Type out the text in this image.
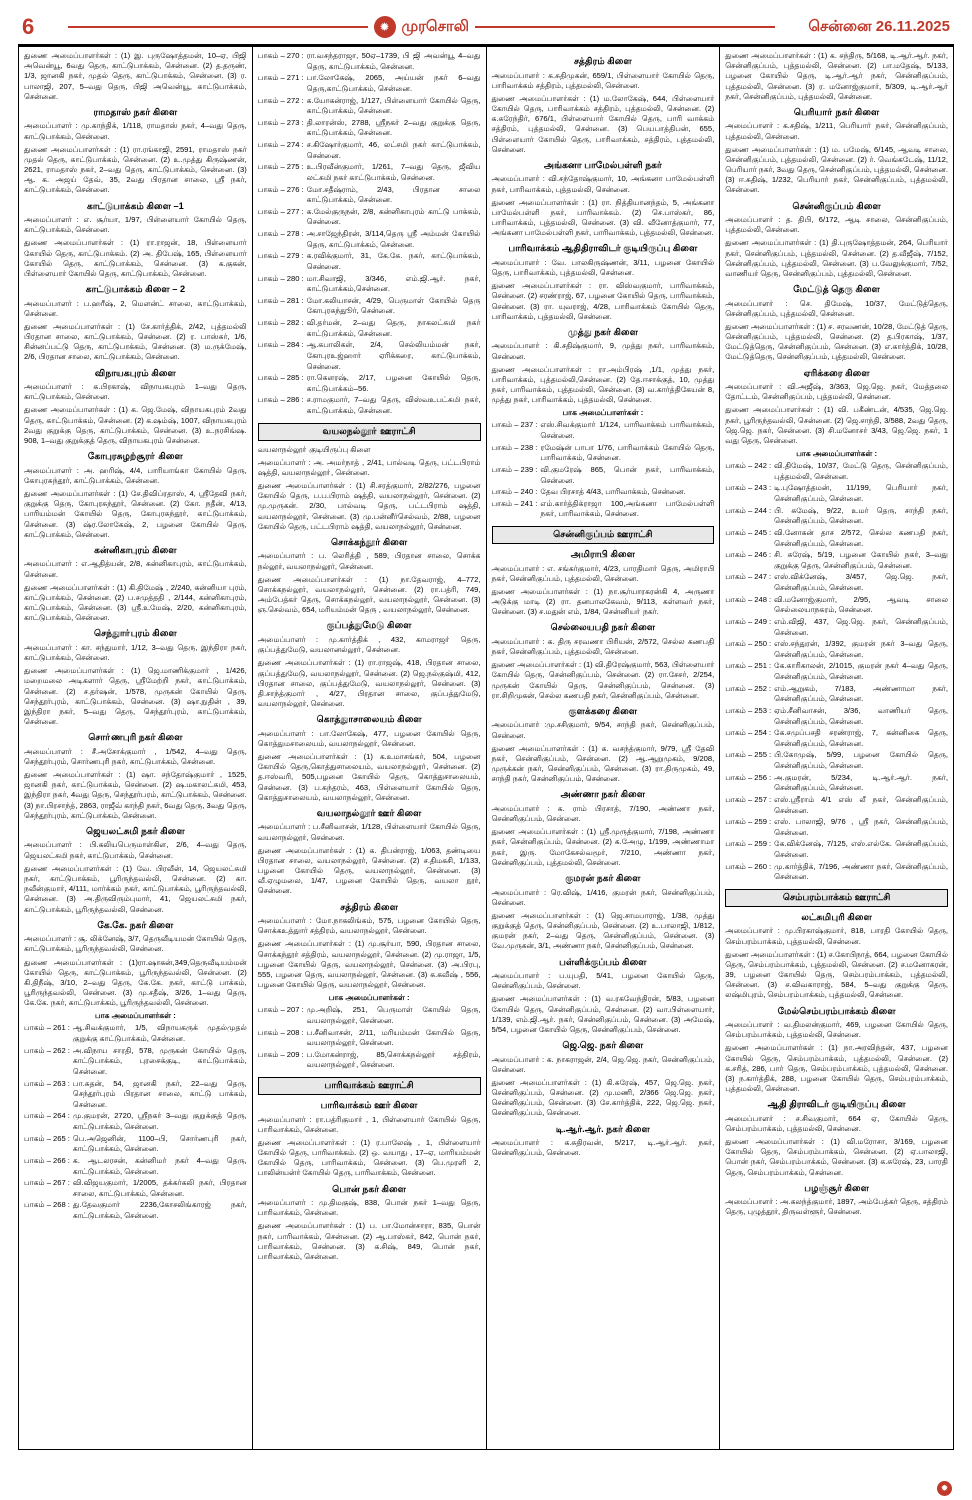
6	✹ முரசொலி	சென்னை 26.11.2025
துணை அமைப்பாளர்கள் : (1) இ. புருஷோத்தமன், 10–ஏ, பிஜி அவென்யூ, 6வது தெரு, காட்டுபாக்கம், சென்னை. (2) த.தருண், 1/3, ஜானகி நகர், முதல் தெரு, காட்டுபாக்கம், சென்னை. (3) ர. பாலாஜி, 207, 5–வது தெரு, பிஜி அவென்யூ, காட்டுபாக்கம், சென்னை.
ராமதாஸ் நகர் கிளை
அமைப்பாளர் : மு.காந்திக், 1/118, ராமதாஸ் நகர், 4–வது தெரு, காட்டுபாக்கம், சென்னை.
துணை அமைப்பாளர்கள் : (1) ரா.ரங்காஜி, 2591, ராமதாஸ் நகர் முதல் தெரு, காட்டுபாக்கம், சென்னை. (2) உ.முத்து கிருஷ்ணன், 2621, ராமதாஸ் நகர், 2–வது தெரு, காட்டுபாக்கம், சென்னை. (3) ஆ. க. அஜய் தேவ், 35, 2வது பிரதான சாலை, ஸ்ரீ நகர், காட்டுபாக்கம், சென்னை.
காட்டுபாக்கம் கிளை –1
அமைப்பாளர் : எ. சூர்யா, 1/97, பிள்ளையார் கோயில் தெரு, காட்டுபாக்கம், சென்னை.
துணை அமைப்பாளர்கள் : (1) ரா.ராஜன், 18, பிள்ளையார் கோயில் தெரு, காட்டுபாக்கம். (2) அ. திபேஷ், 165, பிள்ளையார் கோயில் தெரு, காட்டுபாக்கம், சென்னை. (3) க.குகன், பிள்ளையார் கோயில் தெரு, காட்டுபாக்கம், சென்னை.
காட்டுபாக்கம் கிளை – 2
அமைப்பாளர் : ப.ஹரீஷ், 2, மௌன்ட் சாலை, காட்டுபாக்கம், சென்னை.
துணை அமைப்பாளர்கள் : (1) சே.கார்த்திக், 2/42, புத்தமல்லி பிரதான சாலை, காட்டுபாக்கம், சென்னை. (2) ர. பாஸ்கர், 1/6, சின்னப்பட்டு தெரு, காட்டுபாக்கம், சென்னை. (3) ம.ருக்மேஷ், 2/6, பிரதான சாலை, காட்டுபாக்கம், சென்னை.
விநாயகபுரம் கிளை
அமைப்பாளர் : க.பிரகாஷ், விநாயகபுரம் 1–வது தெரு, காட்டுபாக்கம், சென்னை.
துணை அமைப்பாளர்கள் : (1) க. ஜெ.மேஷ், விநாயகபுரம் 2வது தெரு, காட்டுபாக்கம், சென்னை. (2) க.ஷம்ஷ், 1007, விநாயகபுரம் 2வது குறுக்கு தெரு, காட்டுபாக்கம், சென்னை. (3) உ.நரசிங்ஷ. 908, 1–வது குறுக்குத் தெரு, விநாயகபுரம் சென்னை.
கோபுரசுழற்சூரா் கிளை
அமைப்பாளர் : அ. ஹரிஷ், 4/4, பாரியாங்கா கோயில் தெரு, கோபுரசுந்தூர், காட்டுபாக்கம், சென்னை.
துணை அமைப்பாளர்கள் : (1) சே.திவிப்ரதாஸ், 4, ஸ்ரீதேவி நகர், குறுக்கு தெரு, கோபுரசுந்தூர், சென்னை. (2) கோ. நதீன், 4/13, பாரியம்மன் கோயில் தெரு, கோபுரசுந்தூர், காட்டுபாக்கம், சென்னை. (3) ஷ்ர.லோகேஷ், 2, பழனை கோயில் தெரு, காட்டுபாக்கம், சென்னை.
கன்னிகாபுரம் கிளை
அமைப்பாளர் : எ.ஆதித்யன், 2/8, கன்னிகாபுரம், காட்டுபாக்கம், சென்னை.
துணை அமைப்பாளர்கள் : (1) கி.திமேஷ் , 2/240, கன்னியா புரம், காட்டுபாக்கம், சென்னை. (2) ப.சமுத்ததி , 2/144, கன்னிகாபுரம், காட்டுபாக்கம், சென்னை. (3) ஸ்ரீ.உமேஷ், 2/20, கன்னிகாபுரம், காட்டுபாக்கம், சென்னை.
செந்துாா்புரம் கிளை
அமைப்பாளர் : கா. சந்துமார், 1/12, 3–வது தெரு, இந்திரா நகர், காட்டுபாக்கம், சென்னை.
துணை அமைப்பாளர்கள் : (1) ஜெ.மாணிக்குமார் , 1/426, மறைமலை அடிகளார் தெரு, ஸ்ரீமேற்றி நகர், காட்டுபாக்கம், சென்னை. (2) ச.தர்ஷன், 1/578, முருகன் கோயில் தெரு, செந்தூர்புரம், காட்டுபாக்கம், சென்னை. (3) ஷா.நுதின் , 39, இந்திரா நகர், 5–வது தெரு, செந்தூர்புரம், காட்டுபாக்கம், சென்னை.
சொா்ணபுரி நகர் கிளை
அமைப்பாளர் : சீ.அசோக்குமார் , 1/542, 4–வது தெரு, செந்தூர்புரம், சொர்ணபுரி நகர், காட்டுபாக்கம், சென்னை.
துணை அமைப்பாளர்கள் : (1) ஷா. சந்தோஷ்குமார் , 1525, ஜானகி நகர், காட்டுபாக்கம், சென்னை. (2) ஷ.மகாலட்சுமி, 453, இந்திரா நகர், 4வது தெரு, செந்தூர்பரம், காட்டுபாக்கம், சென்னை. (3) நா.பிரசாந்த், 2863, ராஜீவ் காந்தி நகர், 6வது தெரு, 3வது தெரு, செந்தூர்புரம், காட்டுபாக்கம், சென்னை.
ஜெயலட்சுமி நகர் கிளை
அமைப்பாளர் : பி.கலியபெருமாள்கிள, 2/6, 4–வது தெரு, ஜெயலட்சுமி நகர், காட்டுபாக்கம், சென்னை.
துணை அமைப்பாளர்கள் : (1) வே. பிரவீன், 14, ஜெயலட்சுமி நகர், காட்டுபாக்கம், பூரிருந்தவல்லி, சென்னை. (2) கா. நவீன்குமார், 4/111, மார்க்கம் நகர், காட்டுபாக்கம், பூரிருந்தவல்லி, சென்னை. (3) அ.திருவிரும்புமார், 41, ஜெயலட்சுமி நகர், காட்டுபாக்கம், பூரிருந்தவல்லி, சென்னை.
கே.கே. நகர் கிளை
அமைப்பாளர் : சூ. லிக்னேஷ், 3/7, தெருவீடியமன் கோயில் தெரு, காட்டுபாக்கம், பூரிருந்தவல்லி, சென்னை.
துணை அமைப்பாளர்கள் : (1)ரா.ஷாகன்,349,தெருவீடியம்மன் கோயில் தெரு, காட்டுபாக்கம், பூரிருந்தவல்லி, சென்னை. (2) கி.திநீஷ், 3/10, 2–வது தெரு, கே.கே. நகர், காட்டு பாக்கம், பூரிருந்தவல்லி, சென்னை. (3) மு.சதீஷ், 3/26, 1–வது தெரு, கே.கே. நகர், காட்டுபாக்கம், பூரிருந்தவல்லி, சென்னை.
பாக அமைப்பாளர்கள் :
பாகம் – 261 : ஆ.சிவக்குமார், 1/5, விநாயகருக் முதல்முதல் குறுக்கு காட்டுபாக்கம், சென்னை.
பாகம் – 262 : அ.விநாய சாரதி, 578, முருகன் கோயில் தெரு, காட்டுபாக்கம், புரசைக்குடி, காட்டுபாக்கம், சென்னை.
பாகம் – 263 : பா.சுதன், 54, ஜானகி நகர், 22–வது தெரு, செந்தூர்புரம் பிரதான சாலை, காட்டு பாக்கம், சென்னை.
பாகம் – 264 : மு.குமரன், 2720, ஸ்ரீநகர் 3–வது குறுக்குத் தெரு, காட்டுபாக்கம், சென்னை.
பாகம் – 265 : பெ.அஜெனின், 1100–பி, சொர்ணபுரி நகர், காட்டுபாக்கம், சென்னை.
பாகம் – 266 : க. ஆடலரசன், கன்னிமா் நகர் 4–வது தெரு, காட்டுபாக்கம், சென்னை.
பாகம் – 267 : வி.விஜயகுமார், 1/2005, தக்கர்கலி நகர், பிரதான சாலை, காட்டுபாக்கம், சென்னை.
பாகம் – 268 : து.தேவகுமார் 2236,கோசலிங்காரஜ் நகர், காட்டுபாக்கம், சென்னை.
பாகம் – 270 : ரா.வசந்தராஜா, 50ஏ–1739, பி ஜி அவன்யூ 4–வது தெரு, காட்டுபாக்கம், சென்னை.
பாகம் – 271 : பா.லோகேஷ், 2065, அய்யன் நகர் 6–வது தெரு,காட்டுபாக்கம், சென்னை.
பாகம் – 272 : க.யோகன்ராஜ், 1/127, பிள்ளையார் கோயில் தெரு, காட்டுபாக்கம், சென்னை.
பாகம் – 273 : தி.லாரன்ஸ், 2788, ஸ்ரீநகர் 2–வது குறுக்கு தெரு, காட்டுபாக்கம், சென்னை.
பாகம் – 274 : ச.கிஷோர்குமார், 46, லட்சமி நகர் காட்டுபாக்கம், சென்னை.
பாகம் – 275 : உ.பிரவீன்குமார், 1/261, 7–வது தெரு, ஜீவிய லட்சுமி நகர் காட்டுபாக்கம், சென்னை.
பாகம் – 276 : மோ.சதீஷ்ராம், 2/43, பிரதான சாலை காட்டுபாக்கம், சென்னை.
பாகம் – 277 : க.மேல்குருநன், 2/8, கன்னிகாபுரம் காட்டு பாக்கம், சென்னை.
பாகம் – 278 : அ.சாஜேந்திரன், 3/114,தெரு ஸ்ரீ அம்மன் கோயில் தெரு, காட்டுபாக்கம், சென்னை.
பாகம் – 279 : க.ரவிக்குமார், 31, கே.கே. நகர், காட்டுபாக்கம், சென்னை.
பாகம் – 280 : மா.சிவாஜி, 3/346, எம்.ஜி.ஆர். நகர், காட்டுபாக்கம்,சென்னை.
பாகம் – 281 : மோ.கலியாசன், 4/29, பெருமாள் கோயில் தெரு கோபுரசுந்துூர், சென்னை.
பாகம் – 282 : வி.தர்மன், 2–வது தெரு, நாகலட்சுமி நகர் காட்டுபாக்கம், சென்னை.
பாகம் – 284 : ஆ.கபாலிகள், 2/4, செல்லியம்மன் நகர், கோபுரஉஜ்ஹார் ஏரிக்கரை, காட்டுபாக்கம், சென்னை.
பாகம் – 285 : ரா.கௌரஷ், 2/17, பழனை கோயில் தெரு, காட்டுபாக்கம்–56.
பாகம் – 286 : ச.ராமகுமார், 7–வது தெரு, விஸ்வஉபட்சுமி நகர், காட்டுபாக்கம், சென்னை.
வயலநல்லூா் ஊராட்சி
வயலாநல்லூா் குடியிருப்பு கிளை
அமைப்பாளர் : அ. அமர்நாத் , 2/41, பால்வடி தெரு, பட்டபிராம் ஷத்தி, வயலாநல்லூா், சென்னை.
துணை அமைப்பாளர்கள் : (1) சி.சரத்குமார், 2/82/276, பழனை கோயில் தெரு, ப.ப.பிராம் ஷத்தி, வயலாநல்லூர், சென்னை. (2) மு.முருகன். 2/30, பால்வடி தெரு, பட்டபிராம் ஷத்தி, வயலாநல்லூர், சென்னை. (3) மு.பன்னீர்செல்வம், 2/88, பழனை கோயில் தெரு, பட்டபிராம் ஷத்தி, வயலாநல்லூர், சென்னை.
சொக்கந்தூர் கிளை
அமைப்பாளர் : ப. லெரித்தி , 589, பிரதான சாலை, சொக்க நல்லூர், வயலாநல்லூர், சென்னை.
துணை அமைப்பாளர்கள் : (1) நா.தேவராஜ், 4–772, சொக்கநல்லூர், வயலாநல்லூர், சென்னை. (2) ரா.பத்ரி, 749, அம்பேத்கர் தெரு, சொக்கநல்லூர், வயலாநல்லூர், சென்னை. (3) ஞ.செல்வம், 654, மரியம்மன் தெரு , வயலாநல்லூர், சென்னை.
குப்பத்துமேடு கிளை
அமைப்பாளர் : மு.கார்த்திக் , 432, காமராஜா் தெரு, குப்பத்துமேடு, வயலானல்லூா், சென்னை.
துணை அமைப்பாளர்கள் : (1) ரா.ராஜஷ், 418, பிரதான சாலை, குப்பத்துமேடு, வயலாநல்லூர், சென்னை. (2) ஜெ.நல்குஷ்மி, 412, பிரதான சாலை, குப்பத்துமேடு, வயலாநல்லூர், சென்னை. (3) தி.சாந்த்குமார் , 4/27, பிரதான சாலை, குப்பத்துமேடு, வயலாநல்லூர், சென்னை.
கொத்துாசாலையம் கிளை
அமைப்பாளர் : பா.லோகேஷ், 477, பழனை கோயில் தெரு, கொத்துமசாலையம், வயலாநல்லூர், சென்னை.
துணை அமைப்பாளர்கள் : (1) க.உமாசங்கர், 504, பழனை கோயில் தெரு,கொத்துசாலையம், வயலாநல்லூா், சென்னை. (2) த.ஈஸ்வரி, 505,பழனை கோயில் தெரு, கொத்துசாலையம், சென்னை. (3) ப.சுந்தரம், 463, பிள்ளையார் கோயில் தெரு, கொத்துசாலையம், வயலாநல்லூர், சென்னை.
வயலாநல்லூர் ஊர் கிளை
அமைப்பாளர் : ப.சீனிவாசன், 1/128, பிள்ளையார் கோயில் தெரு, வயலாநல்லூர், சென்னை.
துணை அமைப்பாளர்கள் : (1) க. திபன்ராஜ், 1/063, தண்டியை பிரதான சாலை, வயலாநல்லூர், சென்னை. (2) ச.திமகசி, 1/133, பழனை கோயில் தெரு, வயலாநல்லூர், சென்னை. (3) வீ.ஏழுமலை, 1/47, பழனை கோயில் தெரு, வயலா நூர், சென்னை.
சத்திரம் கிளை
அமைப்பாளர் : மோ.நாகலிங்கம், 575, பழனை கோயில் தெரு, சொக்கஉத்துார் சத்திரம், வயலாநல்லூர், சென்னை.
துணை அமைப்பாளர்கள் : (1) மு.சூர்யா, 590, பிரதான சாலை, சொக்கந்தூர் சத்திரம், வயலாநல்லூர், சென்னை. (2) மு.ராஜா, 1/5, பழனை கோயில் தெரு, வயலாநல்லூர், சென்னை. (3) அ.பிரபு, 555, பழனை தெரு, வயலாநல்லூர், சென்னை. (3) க.கவீஷ் , 556, பழனை கோயில் தெரு, வயலாநல்லூர், சென்னை.
பாக அமைப்பாளர்கள் :
பாகம் – 207 : மு.அறிஷ், 251, பெருமாள் கோயில் தெரு, வயலாநல்லூர், சென்னை.
பாகம் – 208 : ப.சீனிவாசன், 2/11, மரியம்மன் கோயில் தெரு, வயலாநல்லூர், சென்னை.
பாகம் – 209 : ப.மோகன்ராஜ், 85,சொக்கநல்லூர் சத்திரம், வயலாநல்லூா், சென்னை.
பாரிவாக்கம் ஊராட்சி
பாரிவாக்கம் ஊர் கிளை
அமைப்பாளர் : ரா.பத்ரிகுமார் , 1, பிள்ளையார் கோயில் தெரு, பாரிவாக்கம், சென்னை.
துணை அமைப்பாளர்கள் : (1) ர.பாலேஷ் , 1, பிள்ளையார் கோயில் தெரு, பாரிவாக்கம். (2) ஒ. வயாது , 17–ஏ, மாரியம்மன் கோயில் தெரு, பாரிவாக்கம், சென்னை. (3) பெ.முரளி 2, பாலின்யன்ர் கோயில் தெரு, பாரிவாக்கம், சென்னை.
பொன் நகர் கிளை
அமைப்பாளர் : மு.திமகுஷ், 838, பொன் நகர் 1–வது தெரு, பாரிவாக்கம், சென்னை.
துணை அமைப்பாளர்கள் : (1) ப. பா.மோன்சாரா, 835, பொன் நகர், பாரிவாக்கம், சென்னை. (2) ஆ.பாஸ்கர், 842, பொன் நகர், பாரிவாக்கம், சென்னை. (3) க.சிஷ், 849, பொன் நகர், பாரிவாக்கம், சென்னை.
சத்திரம் கிளை
அமைப்பாளர் : க.சுதிமுகன், 659/1, பிள்ளையார் கோயில் தெரு, பாரிவாக்கம் சத்திரம், புத்தமல்லி, சென்னை.
துணை அமைப்பாளர்கள் : (1) ம.லோகேஷ், 644, பிள்ளையார் கோயில் தெரு, பாரிவாக்கம் சத்திரம், புத்தமல்லி, சென்னை. (2) க.சுரேந்திர், 676/1, பிள்ளையார் கோயில் தெரு, பாரி வாக்கம் சத்திரம், புத்தமல்லி, சென்னை. (3) பெயபாத்திபன், 655, பிள்ளையார் கோயில் தெரு, பாரிவாக்கம், சத்திரம், புத்தமல்லி, சென்னை.
அங்கனா பாமேல்பள்ளி நகர்
அமைப்பாளர் : வி.சந்தோஷ்குமார், 10, அங்கனா பாமேல்பள்ளி நகர், பாரிவாக்கம், புத்தமல்லி, சென்னை.
துணை அமைப்பாளர்கள் : (1) ரா. நித்தியானந்தம், 5, அங்கனா பாமேல்பள்ளி நகர், பாரிவாக்கம். (2) செ.பாஸ்கர், 86, பாரிவாக்கம், புத்தமல்லி, சென்னை. (3) வி. வீனோத்குமார், 77, அங்கனா பாமேல்பள்ளி நகர், பாரிவாக்கம், புத்தமல்லி, சென்னை.
பாரிவாக்கம் ஆதிதிராவிடர் குடியிருப்பு கிளை
அமைப்பாளர் : வே. பாலகிருஷ்ணன், 3/11, பழனை கோயில் தெரு, பாரிவாக்கம், புத்தமல்லி, சென்னை.
துணை அமைப்பாளர்கள் : ரா. விஸ்வகுமார், பாரிவாக்கம், சென்னை. (2) சரண்ராஜ், 67, பழனை கோயில் தெரு, பாரிவாக்கம், சென்னை. (3) ரா. யுவராஜ், 4/28, பாரிவாக்கம் கோயில் தெரு, பாரிவாக்கம், புத்தமல்லி, சென்னை.
முத்து நகர் கிளை
அமைப்பாளர் : கி.சதிஷ்குமார், 9, முத்து நகர், பாரிவாக்கம், சென்னை.
துணை அமைப்பாளர்கள் : ரா.அம்பிரஷ் ,1/1, முத்து நகர், பாரிவாக்கம், புத்தமல்லி,சென்னை. (2) தே.ஈசாக்குத், 10, முத்து நகர், பாரிவாக்கம், புத்தமல்லி, சென்னை. (3) வ.கார்த்திகேயன் 8, முத்து நகர், பாரிவாக்கம், புத்தமல்லி, சென்னை.
பாக அமைப்பாளர்கள் :
பாகம் – 237 : எஸ்.சிவக்குமார் 1/124, பாரிவாக்கம் பாரிவாக்கம், சென்னை.
பாகம் – 238 : ரமேஷ்ன் பாபா 1/76, பாரிவாக்கம் கோயில் தெரு, பாரிவாக்கம், சென்னை.
பாகம் – 239 : வி.குமரேஷ் 865, பொன் நகர், பாரிவாக்கம், சென்னை.
பாகம் – 240 : தேவ பிரசாத் 4/43, பாரிவாக்கம், சென்னை.
பாகம் – 241 : எம்.கார்த்திக்ராஜா 100,அங்கனா பாமேல்பள்ளி நகர், பாரிவாக்கம், சென்னை.
சென்னிகுப்பம் ஊராட்சி
அமிராபி கிளை
அமைப்பாளர் : எ. சங்கர்குமார், 4/23, பாரதிமாா் தெரு, அமிராபி நகர், சென்னிகுப்பம், புத்தமல்லி, சென்னை.
துணை அமைப்பாளர்கள் : (1) நா.சூர்யாரகரன்கி 4, அருணா அடுக்கு மாடி (2) ரா. தனபாலகேவம், 9/113, கள்ளவர் நகர், சென்னை. (3) ச.மதுன் எம், 1/84, சென்னியா் நகர்.
செல்லையபதி நகர் கிளை
அமைப்பாளர் : க. திரு சரவணா பிரியன், 2/572, செல்ல கணபதி நகர், சென்னிகுப்பம், புத்தமல்லி, சென்னை.
துணை அமைப்பாளர்கள் : (1) வி.திரேஷ்குமார், 563, பிள்ளையார் கோயில் தெரு, சென்னிகுப்பம், சென்னை. (2) ரா.சேசர், 2/254, முருகன் கோயில் தெரு, சென்னிகுப்பம், சென்னை. (3) ரா.சிறிமுகன், செல்ல கணபதி நகர், சென்னிகுப்பம், சென்னை.
குளக்கரை கிளை
அமைப்பாளர் :மு.சசிகுமார், 9/54, சாந்தி நகர், சென்னிகுப்பம், சென்னை.
துணை அமைப்பாளர்கள் : (1) க. வசந்த்குமார், 9/79, ஸ்ரீ தேவி நகர், சென்னிகுப்பம், சென்னை. (2) ஆ.ஆறுமுகம், 9/208, முருக்கன் நகர், சென்னிகுப்பம், சென்னை. (3) ரா.திருமுகம், 49, சாந்தி நகர், சென்னிகுப்பம், சென்னை.
அண்ணா நகர் கிளை
அமைப்பாளர் : க. ராம் பிரசாத், 7/190, அண்ணா நகர், சென்னிகுப்பம், சென்னை.
துணை அமைப்பாளர்கள் : (1) ஸ்ரீ.முருத்குமார், 7/198, அண்ணா நகர், சென்னிகுப்பம், சென்னை. (2) க.அேழு, 1/199, அண்ணாமா நகர், இரு. மோகேசல்வமூர், 7/210, அண்ணா நகர், சென்னிகுப்பம், புத்தமல்லி, சென்னை.
குமரன் நகர் கிளை
அமைப்பாளர் : ரெ.விஷ், 1/416, குமரன் நகர், சென்னிகுப்பம், சென்னை.
துணை அமைப்பாளர்கள் : (1) ஜெ.சாமபாராஜ், 1/38, முத்து குறுக்குத் தெரு, சென்னிகுப்பம், சென்னை. (2) உ.பாலாஜி, 1/812, குமரன் நகர், 2–வது தெரு, சென்னிகுப்பம், சென்னை. (3) வே.முருகன், 3/1, அண்ணா நகர், சென்னிகுப்பம், சென்னை.
பள்ளிக்குப்பம் கிளை
அமைப்பாளர் : ப.யுபதி, 5/41, பழனை கோயில் தெரு, சென்னிகுப்பம், சென்னை.
துணை அமைப்பாளர்கள் : (1) வ.ரகவேந்திரன், 5/83, பழனை கோயில் தெரு, சென்னிகுப்பம், சென்னை. (2) வா.பிள்ளையார், 1/139, எம்.ஜி.ஆர். நகர், சென்னிகுப்பம், சென்னை. (3) அமேஷ், 5/54, பழனை கோயில் தெரு, சென்னிகுப்பம், சென்னை.
ஜெ.ஜெ. நகர் கிளை
அமைப்பாளர் : க. நாகராஜன், 2/4, ஜெ.ஜெ. நகர், சென்னிகுப்பம், சென்னை.
துணை அமைப்பாளர்கள் : (1) கி.சுரேஷ், 457, ஜெ.ஜெ. நகர், சென்னிகுப்பம், சென்னை. (2) மு.மணி, 2/366 ஜெ.ஜெ. நகர், சென்னிகுப்பம், சென்னை. (3) சே.கார்த்திக், 222, ஜெ.ஜெ. நகர், சென்னிகுப்பம், சென்னை.
டி.ஆர்.ஆர். நகர் கிளை
அமைப்பாளர் : க.சுதிரவன், 5/217, டி.ஆர்.ஆர். நகர், சென்னிகுப்பம், சென்னை.
துணை அமைப்பாளர்கள் : (1) க. சந்திரு, 5/168, டி.ஆர்.ஆர். நகர், சென்னிகுப்பம், புத்தமல்லி, சென்னை. (2) பா.மதேஷ், 5/133, பழனை கோயில் தெரு, டி.ஆர்.ஆர் நகர், சென்னிகுப்பம், புத்தமல்லி, சென்னை. (3) ர. மனோஜ்குமார், 5/309, டி.ஆர்.ஆர் நகர், சென்னிகுப்பம், புத்தமல்லி, சென்னை.
பெரியாா் நகர் கிளை
அமைப்பாளர் : க.சதிஷ், 1/211, பெரியாா் நகர், சென்னிகுப்பம், புத்தமல்லி, சென்னை.
துணை அமைப்பாளர்கள் : (1) ம. பமேஷ், 6/145, ஆவடி சாலை, சென்னிகுப்பம், புத்தமல்லி, சென்னை. (2) ர். வெங்கடேஷ், 11/12, பெரியார் நகர், 3வது தெரு, சென்னிகுப்பம், புத்தமல்லி, சென்னை. (3) ஈ.சுதிஷ், 1/232, பெரியாா் நகர், சென்னிகுப்பம், புத்தமல்லி, சென்னை.
சென்னிகுப்பம் கிளை
அமைப்பாளர் : த. திபி, 6/172, ஆடி சாலை, சென்னிகுப்பம், புத்தமல்லி, சென்னை.
துணை அமைப்பாளர்கள் : (1) தி.புருஷோத்தமன், 264, பெரியார் நகர், சென்னிகுப்பம், புத்தமல்லி, சென்னை. (2) த.வீஜீஷ், 7/152, சென்னிகுப்பம், புத்தமல்லி, சென்னை. (3) ப.வேலுக்குமார், 7/52, வாணியர் தெரு, சென்னிகுப்பம், புத்தமல்லி, சென்னை.
மேட்டுத் தெரு கிளை
அமைப்பாளர் : செ. திமேஷ், 10/37, மேட்டுத்தெரு, சென்னிகுப்பம், புத்தமல்லி, சென்னை.
துணை அமைப்பாளர்கள் : (1) ச. சரவணன், 10/28, மேட்டுத் தெரு, சென்னிகுப்பம், புத்தமல்லி, சென்னை. (2) த.பிரகாஷ், 1/37, மேட்டுத்தெரு, சென்னிகுப்பம், சென்னை. (3) எ.கார்த்திக், 10/28, மேட்டுத்தெரு, சென்னிகுப்பம், புத்தமல்லி, சென்னை.
ஏரிக்கரை கிளை
அமைப்பாளர் : வி.அஜீஷ், 3/363, ஜெ.ஜெ. நகர், மேத்தலை தோட்டம், சென்னிகுப்பம், புத்தமல்லி, சென்னை.
துணை அமைப்பாளர்கள் : (1) வி. பகீண்டன், 4/535, ஜெ.ஜெ. நகர், பூரிருந்தவல்லி, சென்னை. (2) ஜெ.சாந்தி, 3/588, 2வது தெரு, ஜெ.ஜெ. நகர், சென்னை. (3) சி.மனோசர் 3/43, ஜெ.ஜெ. நகர், 1 வது தெரு, சென்னை.
பாக அமைப்பாளர்கள் :
பாகம் – 242 : வி.திமேஷ், 10/37, மேட்டு தெரு, சென்னிகுப்பம், புத்தமல்லி, சென்னை.
பாகம் – 243 : டி.புஷோத்தமன், 11/199, பெரியார் நகர், சென்னிகுப்பம், சென்னை.
பாகம் – 244 : பி. சுமேஷ், 9/22, உமர் தெரு, சாந்தி நகர், சென்னிகுப்பம், சென்னை.
பாகம் – 245 : வி.னோகன் தாச 2/572, செல்ல கணபதி நகர், சென்னிகுப்பம், சென்னை.
பாகம் – 246 : சி. சுரேஷ், 5/19, பழனை கோயில் நகர், 3–வது குறுக்கு தெரு, சென்னிகுப்பம், சென்னை.
பாகம் – 247 : எஸ்.விக்னேஷ், 3/457, ஜெ.ஜெ. நகர், சென்னிகுப்பம், சென்னை.
பாகம் – 248 : வி.மனோஜ்குமார், 2/95, ஆவடி சாலை செல்லையாநகரம், சென்னை.
பாகம் – 249 : எம்.விஜி, 437, ஜெ.ஜெ. நகர், சென்னிகுப்பம், சென்னை.
பாகம் – 250 : எஸ்.சந்துரன், 1/392, குமரன் நகர் 3–வது தெரு, சென்னிகுப்பம், சென்னை.
பாகம் – 251 : கே.காரிகாலன், 2/1015, குமரன் நகர் 4–வது தெரு, சென்னிகுப்பம், சென்னை.
பாகம் – 252 : எம்.ஆறுகம், 7/183, அண்ணாமா நகர், சென்னிகுப்பம், சென்னை.
பாகம் – 253 : ஏம்.சீனிவாசன், 3/36, வாணியர் தெரு, சென்னிகுப்பம், சென்னை.
பாகம் – 254 : கே.சமுப்பசதி சரண்ராஜ், 7, கன்னிகை தெரு, சென்னிகுப்பம், சென்னை.
பாகம் – 255 : பி.கோமுஷ், 5/99, பழனை கோயில் தெரு, சென்னிகுப்பம், சென்னை.
பாகம் – 256 : அ.குமரன், 5/234, டி.ஆர்.ஆர். நகர், சென்னிகுப்பம், சென்னை.
பாகம் – 257 : எஸ்.ஸ்ரீராம் 4/1 எஸ் லீ நகர், சென்னிகுப்பம், சென்னை.
பாகம் – 259 : எஸ். பாலாஜி, 9/76 , ஸ்ரீ நகர், சென்னிகுப்பம், சென்னை.
பாகம் – 259 : கே.விக்னேஷ், 7/125, எஸ்.எல்கே. சென்னிகுப்பம், சென்னை.
பாகம் – 260 : மு.கார்த்திக், 7/196, அண்ணா நகர், சென்னிகுப்பம், சென்னை.
செம்பரம்பாக்கம் ஊராட்சி
லட்சுமிபுரி கிளை
அமைப்பாளர் : மு.பிரகாஷ்குமார், 818, பாரதி கோயில் தெரு, செம்பரம்பாக்கம், புத்தமல்லி, சென்னை.
துணை அமைப்பாளர்கள் : (1) ச.கோபிநாத், 664, பழனை கோயில் தெரு, செம்பரம்பாக்கம், புத்தமல்லி, சென்னை. (2) ச.மனோகரன், 39, பழனை கோயில் தெரு, செம்பரம்பாக்கம், புத்தமல்லி, சென்னை. (3) ச.விவகாராஜ், 584, 5–வது குறுக்கு தெரு, லஷ்மிபுரம், செம்பரம்பாக்கம், புத்தமல்லி, சென்னை.
மேல்செம்பரம்பாக்கம் கிளை
அமைப்பாளர் : வ.திமலன்குமார், 469, பழனை கோயில் தெரு, செம்பரம்பாக்கம், புத்தமல்லி, சென்னை.
துணை அமைப்பாளர்கள் : (1) நா.அரவிந்தன், 437, பழனை கோயில் தெரு, செம்பரம்பாக்கம், புத்தமல்லி, சென்னை. (2) க.சரித், 286, பாா் தெரு, செம்பரம்பாக்கம், புத்தமல்லி, சென்னை. (3) ந.கார்த்திக், 288, பழனை கோயில் தெரு, செம்பரம்பாக்கம், புத்தமல்லி, சென்னை.
ஆதி திராவிடர் குடியிருப்பு கிளை
அமைப்பாளர் : ச.சிவகுமார், 664 ஏ, கோயில் தெரு, செம்பரம்பாக்கம், புத்தமல்லி, சென்னை.
துணை அமைப்பாளர்கள் : (1) வி.மரோசா, 3/169, பழனை கோயில் தெரு, செம்பரம்பாக்கம், சென்னை. (2) ஏ.பாலாஜி, பொன் நகர், செம்பரம்பாக்கம், சென்னை. (3) க.சுரேஷ், 23, பாரதி தெரு, செம்பரம்பாக்கம், சென்னை.
பழஞ்சூர் கிளை
அமைப்பாளர் : அ.கலந்த்குமார், 1897, அம்பேத்கர் தெரு, சத்திரம் தெரு, புழுத்தூர், திருவள்ளூர், சென்னை.
✹
